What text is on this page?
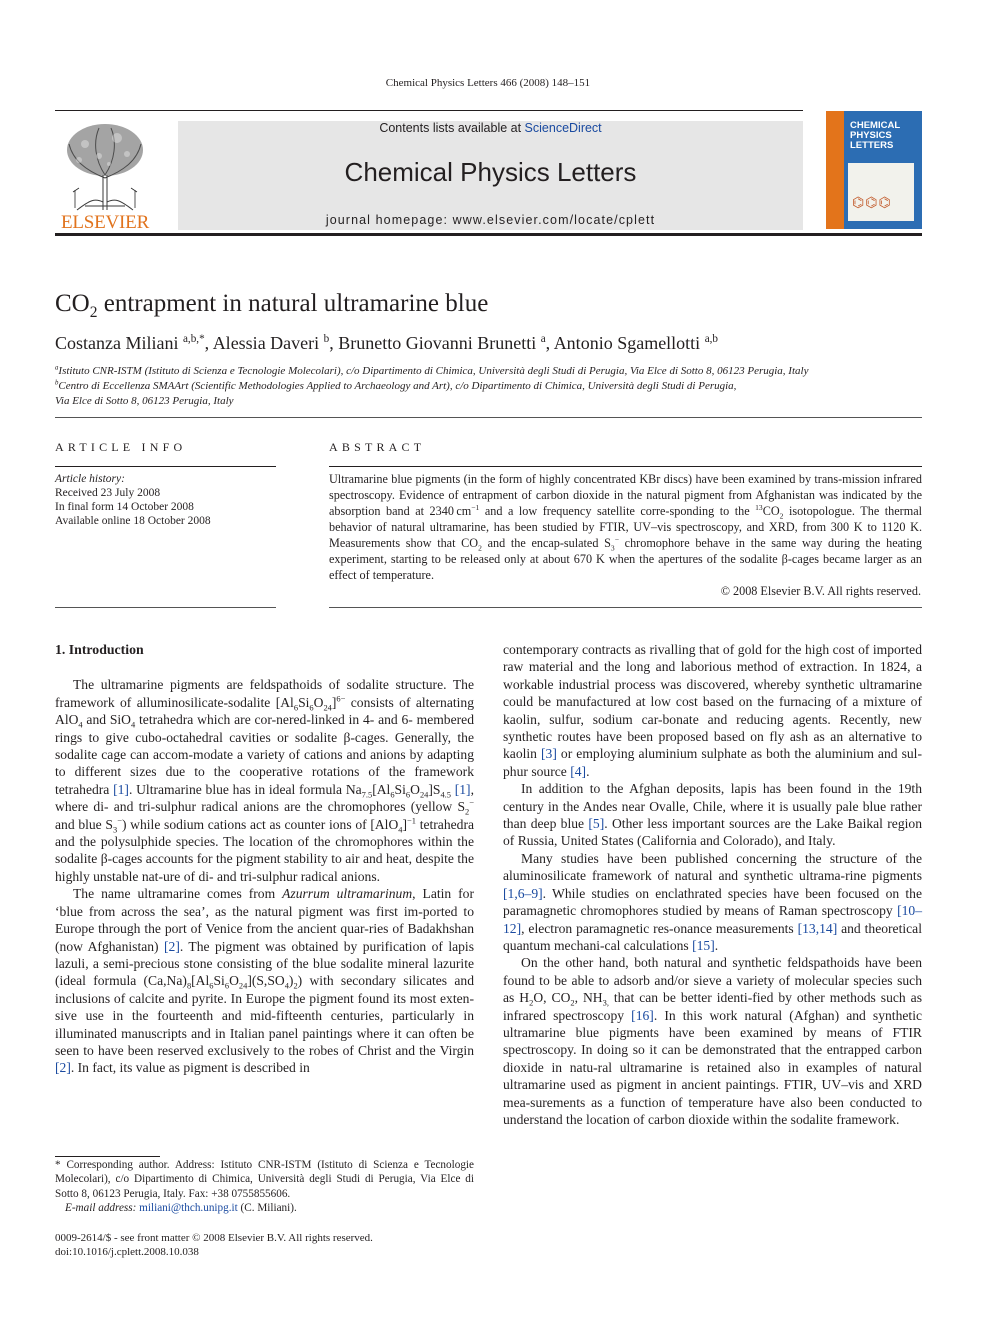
Chemical Physics Letters 466 (2008) 148–151
ELSEVIER
Contents lists available at ScienceDirect
Chemical Physics Letters
journal homepage: www.elsevier.com/locate/cplett
CHEMICAL
PHYSICS
LETTERS
⌬⌬⌬
$CO_2$ entrapment in natural ultramarine blue
Costanza Miliani $^{a,b,*}$, Alessia Daveri $^b$, Brunetto Giovanni Brunetti $^a$, Antonio Sgamellotti $^{a,b}$
$^a$Istituto CNR-ISTM (Istituto di Scienza e Tecnologie Molecolari), c/o Dipartimento di Chimica, Università degli Studi di Perugia, Via Elce di Sotto 8, 06123 Perugia, Italy
$^b$Centro di Eccellenza SMAArt (Scientific Methodologies Applied to Archaeology and Art), c/o Dipartimento di Chimica, Università degli Studi di Perugia,
Via Elce di Sotto 8, 06123 Perugia, Italy
ARTICLE INFO	ABSTRACT
Article history:
Received 23 July 2008
In final form 14 October 2008
Available online 18 October 2008
Ultramarine blue pigments (in the form of highly concentrated KBr discs) have been examined by trans-mission infrared spectroscopy. Evidence of entrapment of carbon dioxide in the natural pigment from Afghanistan was indicated by the absorption band at 2340 $cm^{-1}$ and a low frequency satellite corre-sponding to the $^{13}CO_2$ isotopologue. The thermal behavior of natural ultramarine, has been studied by FTIR, UV–vis spectroscopy, and XRD, from 300 K to 1120 K. Measurements show that $CO_2$ and the encap-sulated $S_3^-$ chromophore behave in the same way during the heating experiment, starting to be released only at about 670 K when the apertures of the sodalite β-cages became larger as an effect of temperature.
© 2008 Elsevier B.V. All rights reserved.
1. Introduction

The ultramarine pigments are feldspathoids of sodalite structure. The framework of alluminosilicate-sodalite $[Al_6Si_6O_{24}]^{6-}$ consists of alternating AlO$_4$ and SiO$_4$ tetrahedra which are cor-nered-linked in 4- and 6- membered rings to give cubo-octahedral cavities or sodalite β-cages. Generally, the sodalite cage can accom-modate a variety of cations and anions by adapting to different sizes due to the cooperative rotations of the framework tetrahedra [1]. Ultramarine blue has in ideal formula $Na_{7.5}[Al_6Si_6O_{24}]S_{4.5}$ [1], where di- and tri-sulphur radical anions are the chromophores (yellow $S_2^-$ and blue $S_3^-$) while sodium cations act as counter ions of $[AlO_4]^{-1}$ tetrahedra and the polysulphide species. The location of the chromophores within the sodalite β-cages accounts for the pigment stability to air and heat, despite the highly unstable nat-ure of di- and tri-sulphur radical anions.

The name ultramarine comes from Azurrum ultramarinum, Latin for ‘blue from across the sea’, as the natural pigment was first im-ported to Europe through the port of Venice from the ancient quar-ries of Badakhshan (now Afghanistan) [2]. The pigment was obtained by purification of lapis lazuli, a semi-precious stone consisting of the blue sodalite mineral lazurite (ideal formula $(Ca,Na)_8[Al_6Si_6O_{24}](S,SO_4)_2$) with secondary silicates and inclusions of calcite and pyrite. In Europe the pigment found its most exten-sive use in the fourteenth and mid-fifteenth centuries, particularly in illuminated manuscripts and in Italian panel paintings where it can often be seen to have been reserved exclusively to the robes of Christ and the Virgin [2]. In fact, its value as pigment is described in

contemporary contracts as rivalling that of gold for the high cost of imported raw material and the long and laborious method of extraction. In 1824, a workable industrial process was discovered, whereby synthetic ultramarine could be manufactured at low cost based on the furnacing of a mixture of kaolin, sulfur, sodium car-bonate and reducing agents. Recently, new synthetic routes have been proposed based on fly ash as an alternative to kaolin [3] or employing aluminium sulphate as both the aluminium and sul-phur source [4].

In addition to the Afghan deposits, lapis has been found in the 19th century in the Andes near Ovalle, Chile, where it is usually pale blue rather than deep blue [5]. Other less important sources are the Lake Baikal region of Russia, United States (California and Colorado), and Italy.

Many studies have been published concerning the structure of the aluminosilicate framework of natural and synthetic ultrama-rine pigments [1,6–9]. While studies on enclathrated species have been focused on the paramagnetic chromophores studied by means of Raman spectroscopy [10–12], electron paramagnetic res-onance measurements [13,14] and theoretical quantum mechani-cal calculations [15].

On the other hand, both natural and synthetic feldspathoids have been found to be able to adsorb and/or sieve a variety of molecular species such as $H_2O$, $CO_2$, $NH_{3,}$ that can be better identi-fied by other methods such as infrared spectroscopy [16]. In this work natural (Afghan) and synthetic ultramarine blue pigments have been examined by means of FTIR spectroscopy. In doing so it can be demonstrated that the entrapped carbon dioxide in natu-ral ultramarine is retained also in examples of natural ultramarine used as pigment in ancient paintings. FTIR, UV–vis and XRD mea-surements as a function of temperature have also been conducted to understand the location of carbon dioxide within the sodalite framework.

* Corresponding author. Address: Istituto CNR-ISTM (Istituto di Scienza e Tecnologie Molecolari), c/o Dipartimento di Chimica, Università degli Studi di Perugia, Via Elce di Sotto 8, 06123 Perugia, Italy. Fax: +38 0755855606.
E-mail address: miliani@thch.unipg.it (C. Miliani).
0009-2614/$ - see front matter © 2008 Elsevier B.V. All rights reserved.
doi:10.1016/j.cplett.2008.10.038
